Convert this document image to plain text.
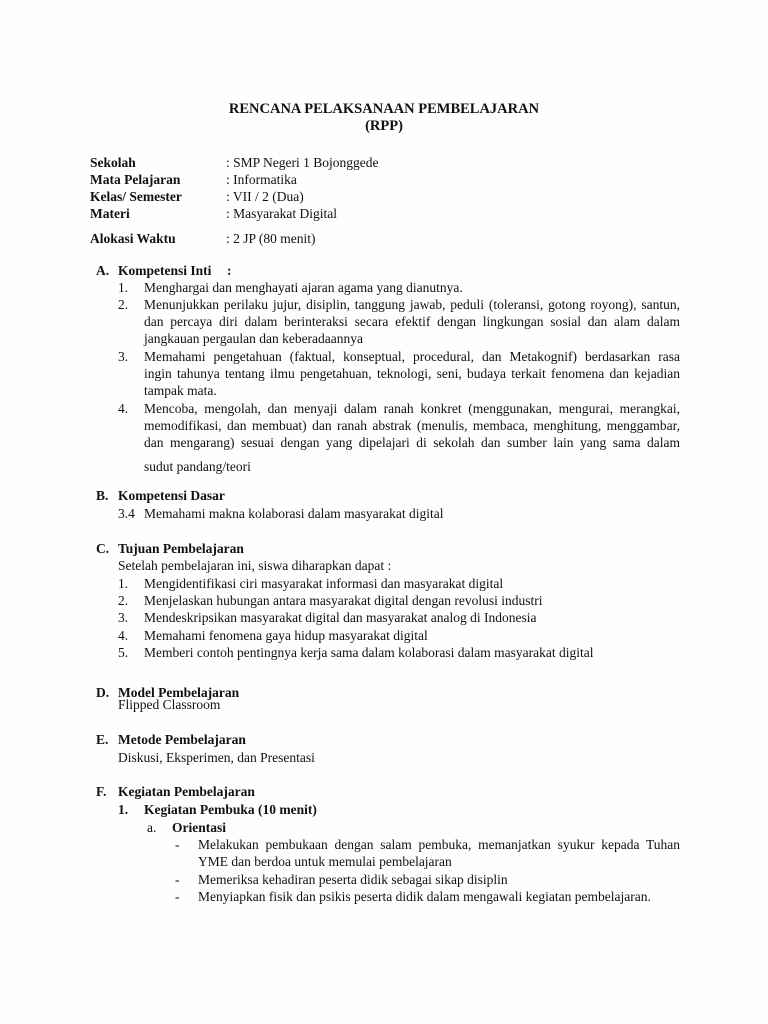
RENCANA PELAKSANAAN PEMBELAJARAN
(RPP)
Sekolah	: SMP Negeri 1 Bojonggede
Mata Pelajaran	: Informatika
Kelas/ Semester	: VII / 2 (Dua)
Materi	: Masyarakat Digital
Alokasi Waktu	: 2 JP (80 menit)
A. Kompetensi Inti :
1. Menghargai dan menghayati ajaran agama yang dianutnya.
2. Menunjukkan perilaku jujur, disiplin, tanggung jawab, peduli (toleransi, gotong royong), santun,
dan percaya diri dalam berinteraksi secara efektif dengan lingkungan sosial dan alam dalam
jangkauan pergaulan dan keberadaannya
3. Memahami pengetahuan (faktual, konseptual, procedural, dan Metakognif) berdasarkan rasa
ingin tahunya tentang ilmu pengetahuan, teknologi, seni, budaya terkait fenomena dan kejadian
tampak mata.
4. Mencoba, mengolah, dan menyaji dalam ranah konkret (menggunakan, mengurai, merangkai,
memodifikasi, dan membuat) dan ranah abstrak (menulis, membaca, menghitung, menggambar,
dan mengarang) sesuai dengan yang dipelajari di sekolah dan sumber lain yang sama dalam
sudut pandang/teori
B. Kompetensi Dasar
3.4 Memahami makna kolaborasi dalam masyarakat digital
C. Tujuan Pembelajaran
Setelah pembelajaran ini, siswa diharapkan dapat :
1. Mengidentifikasi ciri masyarakat informasi dan masyarakat digital
2. Menjelaskan hubungan antara masyarakat digital dengan revolusi industri
3. Mendeskripsikan masyarakat digital dan masyarakat analog di Indonesia
4. Memahami fenomena gaya hidup masyarakat digital
5. Memberi contoh pentingnya kerja sama dalam kolaborasi dalam masyarakat digital
D. Model Pembelajaran
Flipped Classroom
E. Metode Pembelajaran
Diskusi, Eksperimen, dan Presentasi
F. Kegiatan Pembelajaran
1. Kegiatan Pembuka (10 menit)
a. Orientasi
- Melakukan pembukaan dengan salam pembuka, memanjatkan syukur kepada Tuhan
YME dan berdoa untuk memulai pembelajaran
- Memeriksa kehadiran peserta didik sebagai sikap disiplin
- Menyiapkan fisik dan psikis peserta didik dalam mengawali kegiatan pembelajaran.
